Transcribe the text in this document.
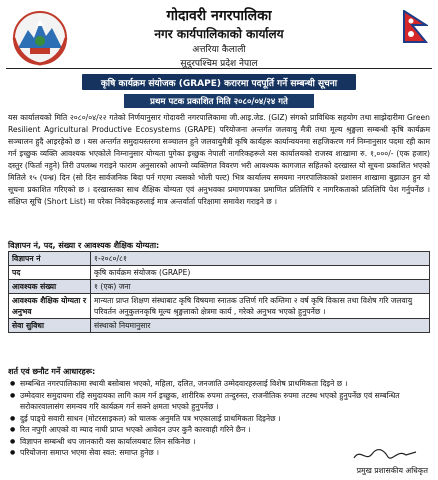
गोदावरी नगरपालिका
नगर कार्यपालिकाको कार्यालय
अत्तरिया कैलाली
सुदुरपश्चिम प्रदेश नेपाल
कृषि कार्यक्रम संयोजक (GRAPE) करारमा पदपूर्ति गर्ने सम्बन्धी सूचना
प्रथम पटक प्रकाशित मिति २०८०/०४/२४ गते

यस कार्यालयको मिति २०८०/०४/२२ गतेको निर्णयानुसार गोदावरी नगरपालिकामा जी.आइ.जेड. (GIZ) संगको प्राविधिक सहयोग तथा साझेदारीमा Green Resilient Agricultural Productive Ecosystems (GRAPE) परियोजना अन्तर्गत जलवायु मैत्री तथा मूल्य श्रृङ्खला सम्बन्धी कृषि कार्यक्रम सञ्चालन हुदै आइरहेको छ । यस अन्तर्गत समुदायस्तरमा सञ्चालन हुने जलवायुमैत्री कृषि कार्यहरू कार्यान्वयनमा सहजिकरण गर्न निम्नानुसार पदमा रही काम गर्न इच्छुक व्यक्ति आवश्यक भएकोले निम्नानुसार योग्यता पुगेका इच्छुक नेपाली नागरिकहरूले यस कार्यालयको राजस्व शाखामा रु. १,०००/- (एक हजार) दस्तुर (फिर्ता नहुने) तिरी उपलब्ध गराइने फाराम अनुसारको आफ्नो व्यक्तिगत विवरण भरी आवश्यक कागजात सहितको दरखास्त यो सूचना प्रकाशित भएको मितिले १५ (पन्ध्र) दिन (सो दिन सार्वजनिक बिदा पर्न गएमा त्यसको भोली पल्ट) भित्र कार्यालय समयमा नगरपालिकाको प्रशासन शाखामा बुझाउन हुन यो सूचना प्रकाशित गरिएको छ । दरखास्तका साथ शैक्षिक योग्यता एवं अनुभवका प्रमाणपत्रका प्रमाणित प्रतिलिपि र नागरिकताको प्रतिलिपि पेश गर्नुपर्नेछ । संक्षिप्त सूचि (Short List) मा परेका निवेदकहरुलाई मात्र अन्तर्वार्ता परिक्षामा समावेश गराइने छ ।

विज्ञापन नं, पद, संख्या र आवश्यक शैक्षिक योग्यता:
विज्ञापन नं	१-२०८०/८१
पद	कृषि कार्यक्रम संयोजक (GRAPE)
आवश्यक संख्या	१ (एक) जना
आवश्यक शैक्षिक योग्यता र अनुभव	मान्यता प्राप्त शिक्षण संस्थाबाट कृषि विषयमा स्नातक उत्तिर्ण गरि कम्तिमा २ वर्ष कृषि विकास तथा विशेष गरि जलवायु परिवर्तन अनुकुलनकृषि मूल्य श्रृङ्खलाको क्षेत्रमा कार्य , गरेको अनुभव भएको हुनुपर्नेछ ।
सेवा सुविधा	संस्थाको नियमानुसार
शर्त एवं छनौट गर्ने आधारहरू:
● सम्बन्धित नगरपालिकामा स्थायी बसोबास भएको, महिला, दलित, जनजाति उम्मेदवारहरुलाई विशेष प्राथमिकता दिइने छ ।
● उम्मेदवार समुदायमा रहि समुदायका लागि काम गर्न इच्छुक, शारीरिक रुपमा तन्दुरुस्त, राजनीतिक रुपमा तटस्थ भएको हुनुपर्नेछ एवं सम्बन्धित सरोकारवालासंग समन्वय गरि कार्यक्रम गर्न सक्ने क्षमता भएको हुनुपर्नेछ ।
● दुई पाङ्ग्रे सवारी साधन (मोटरसाइकल) को चालक अनुमति पत्र भएकालाई प्राथमिकता दिइनेछ ।
● रित नपुगी आएको वा म्याद नाघी प्राप्त भएको आवेदन उपर कुनै कारवाही गरिने छैन ।
● विज्ञापन सम्बन्धी थप जानकारी यस कार्यालयबाट लिन सकिनेछ ।
● परियोजना समाप्त भएमा सेवा स्वत: समाप्त हुनेछ ।
प्रमुख प्रशासकीय अधिकृत
